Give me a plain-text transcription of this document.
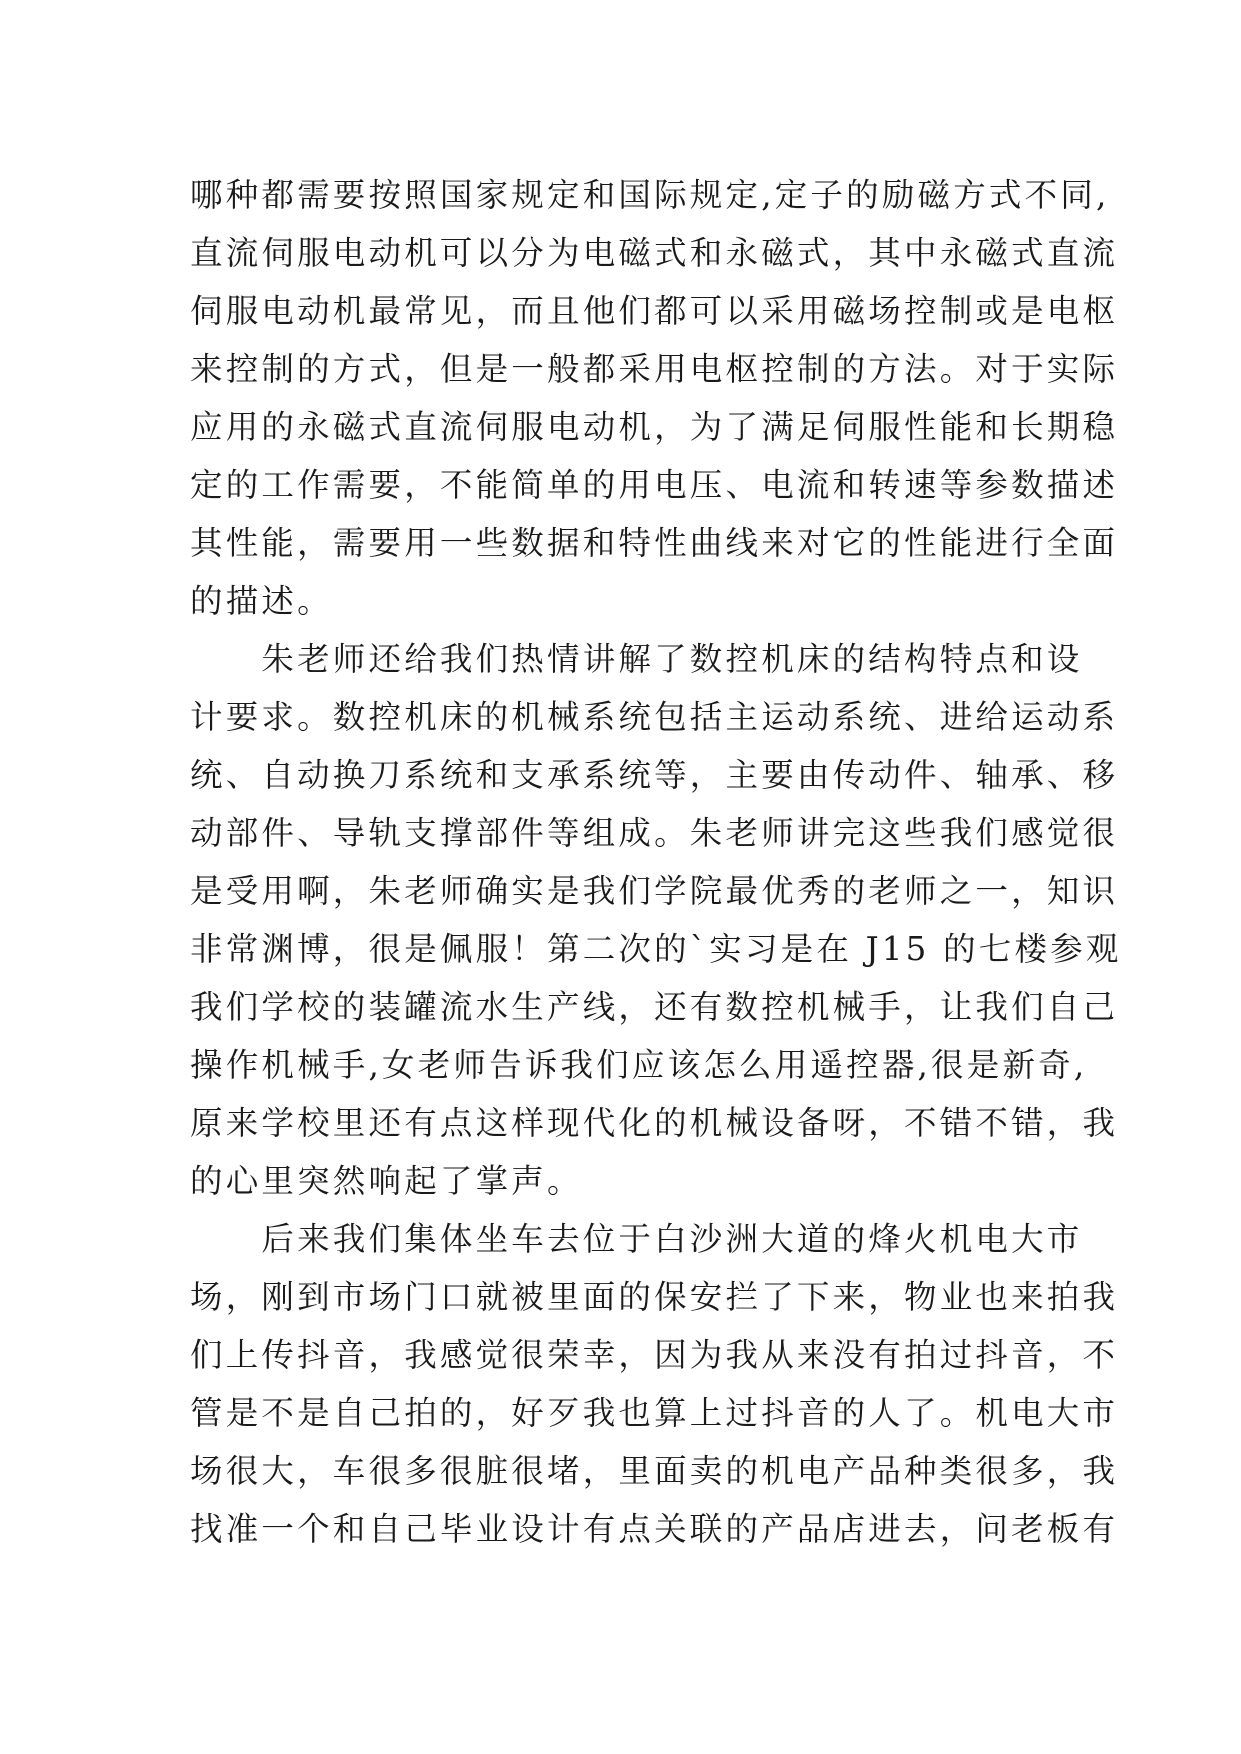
哪种都需要按照国家规定和国际规定,定子的励磁方式不同,
直流伺服电动机可以分为电磁式和永磁式，其中永磁式直流
伺服电动机最常见，而且他们都可以采用磁场控制或是电枢
来控制的方式，但是一般都采用电枢控制的方法。对于实际
应用的永磁式直流伺服电动机，为了满足伺服性能和长期稳
定的工作需要，不能简单的用电压、电流和转速等参数描述
其性能，需要用一些数据和特性曲线来对它的性能进行全面
的描述。
　　朱老师还给我们热情讲解了数控机床的结构特点和设
计要求。数控机床的机械系统包括主运动系统、进给运动系
统、自动换刀系统和支承系统等，主要由传动件、轴承、移
动部件、导轨支撑部件等组成。朱老师讲完这些我们感觉很
是受用啊，朱老师确实是我们学院最优秀的老师之一，知识
非常渊博，很是佩服！第二次的`实习是在 J15 的七楼参观
我们学校的装罐流水生产线，还有数控机械手，让我们自己
操作机械手,女老师告诉我们应该怎么用遥控器,很是新奇,
原来学校里还有点这样现代化的机械设备呀，不错不错，我
的心里突然响起了掌声。
　　后来我们集体坐车去位于白沙洲大道的烽火机电大市
场，刚到市场门口就被里面的保安拦了下来，物业也来拍我
们上传抖音，我感觉很荣幸，因为我从来没有拍过抖音，不
管是不是自己拍的，好歹我也算上过抖音的人了。机电大市
场很大，车很多很脏很堵，里面卖的机电产品种类很多，我
找准一个和自己毕业设计有点关联的产品店进去，问老板有
